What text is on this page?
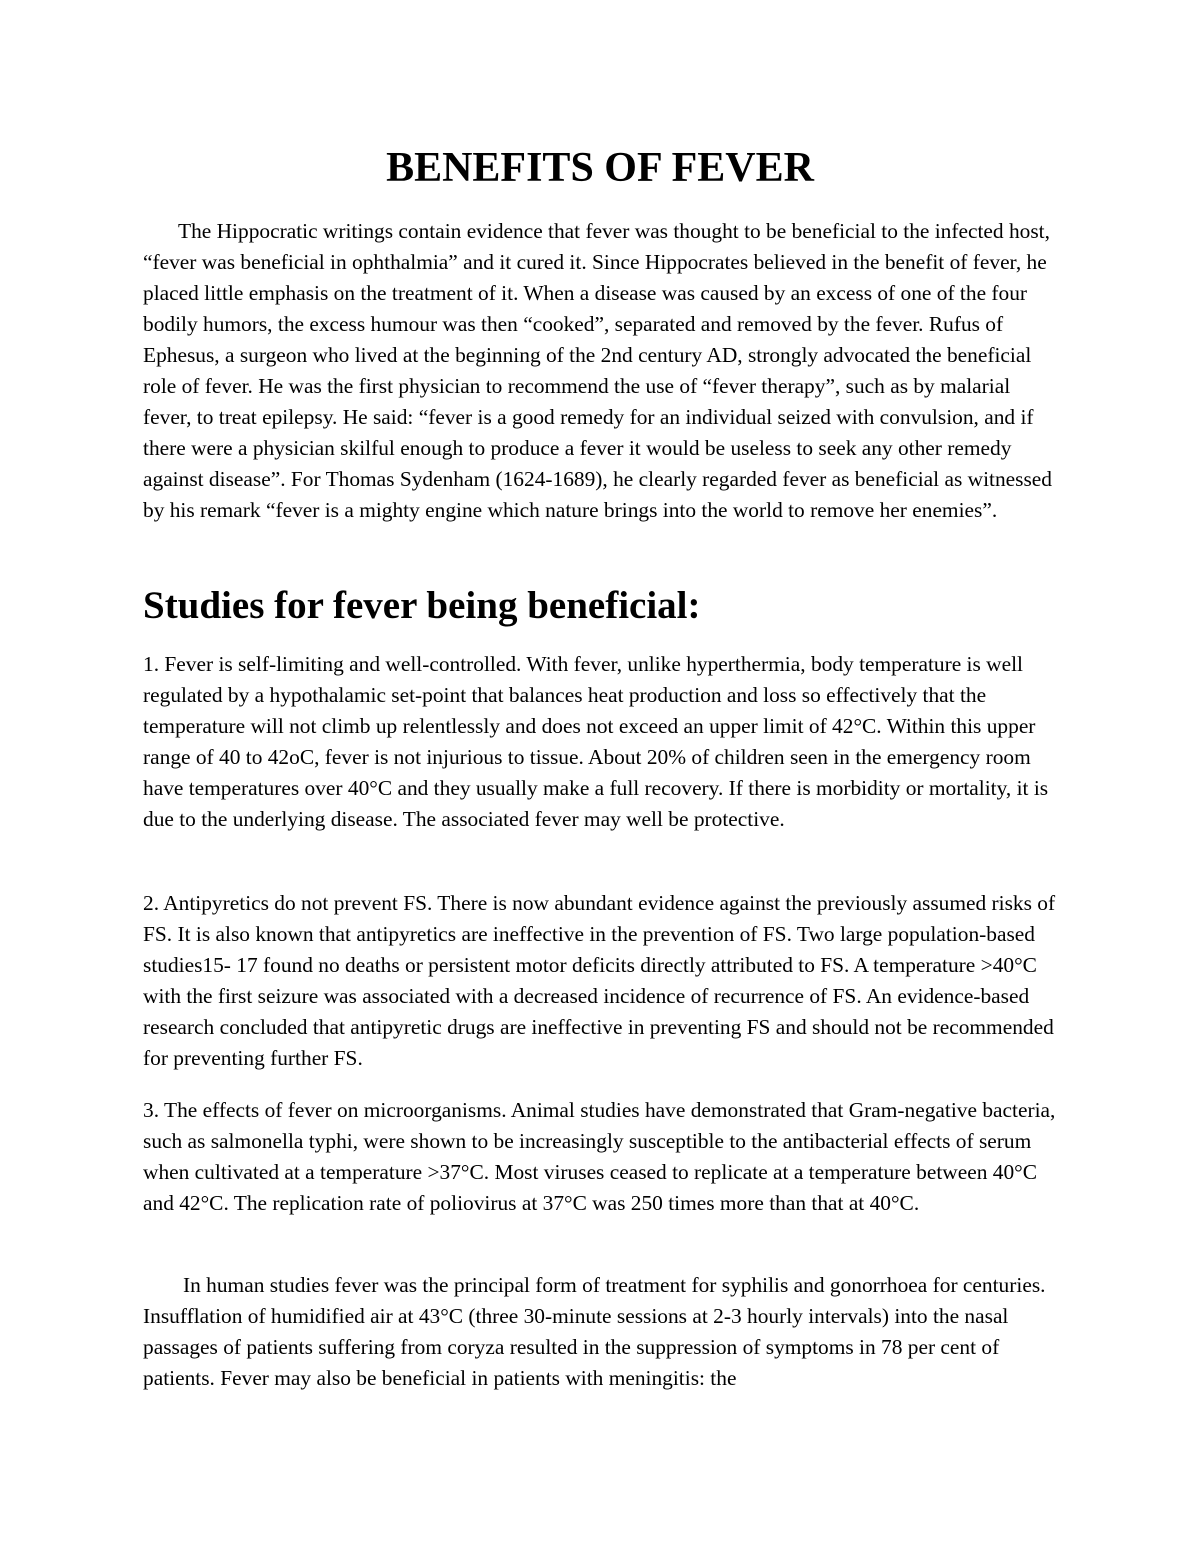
BENEFITS OF FEVER

The Hippocratic writings contain evidence that fever was thought to be beneficial to the infected host, “fever was beneficial in ophthalmia” and it cured it. Since Hippocrates believed in the benefit of fever, he placed little emphasis on the treatment of it. When a disease was caused by an excess of one of the four bodily humors, the excess humour was then “cooked”, separated and removed by the fever. Rufus of Ephesus, a surgeon who lived at the beginning of the 2nd century AD, strongly advocated the beneficial role of fever. He was the first physician to recommend the use of “fever therapy”, such as by malarial fever, to treat epilepsy. He said: “fever is a good remedy for an individual seized with convulsion, and if there were a physician skilful enough to produce a fever it would be useless to seek any other remedy against disease”. For Thomas Sydenham (1624-1689), he clearly regarded fever as beneficial as witnessed by his remark “fever is a mighty engine which nature brings into the world to remove her enemies”.

Studies for fever being beneficial:

1. Fever is self-limiting and well-controlled. With fever, unlike hyperthermia, body temperature is well regulated by a hypothalamic set-point that balances heat production and loss so effectively that the temperature will not climb up relentlessly and does not exceed an upper limit of 42°C. Within this upper range of 40 to 42oC, fever is not injurious to tissue. About 20% of children seen in the emergency room have temperatures over 40°C and they usually make a full recovery. If there is morbidity or mortality, it is due to the underlying disease. The associated fever may well be protective.

2. Antipyretics do not prevent FS. There is now abundant evidence against the previously assumed risks of FS. It is also known that antipyretics are ineffective in the prevention of FS. Two large population-based studies15- 17 found no deaths or persistent motor deficits directly attributed to FS. A temperature >40°C with the first seizure was associated with a decreased incidence of recurrence of FS. An evidence-based research concluded that antipyretic drugs are ineffective in preventing FS and should not be recommended for preventing further FS.

3. The effects of fever on microorganisms. Animal studies have demonstrated that Gram-negative bacteria, such as salmonella typhi, were shown to be increasingly susceptible to the antibacterial effects of serum when cultivated at a temperature >37°C. Most viruses ceased to replicate at a temperature between 40°C and 42°C. The replication rate of poliovirus at 37°C was 250 times more than that at 40°C.

In human studies fever was the principal form of treatment for syphilis and gonorrhoea for centuries. Insufflation of humidified air at 43°C (three 30-minute sessions at 2-3 hourly intervals) into the nasal passages of patients suffering from coryza resulted in the suppression of symptoms in 78 per cent of patients. Fever may also be beneficial in patients with meningitis: the
